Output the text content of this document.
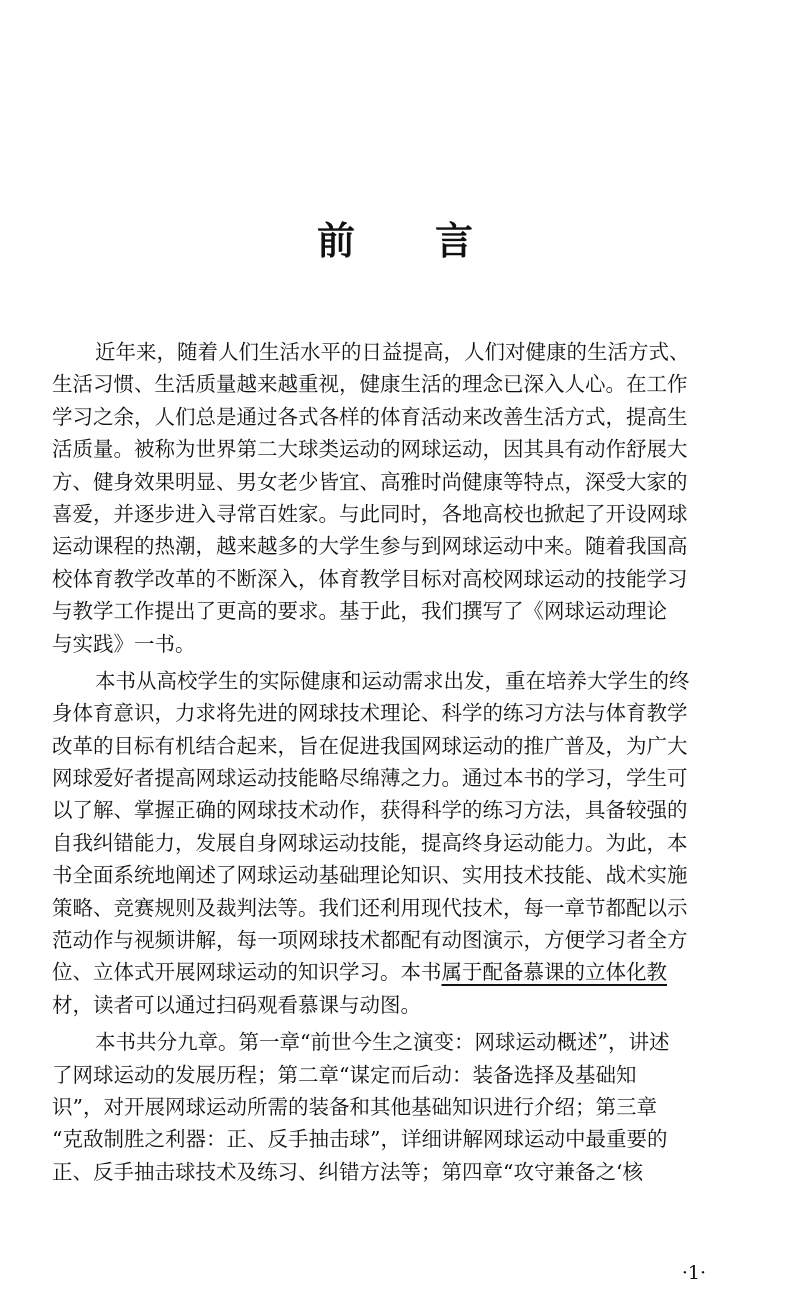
前 言
近年来，随着人们生活水平的日益提高，人们对健康的生活方式、
生活习惯、生活质量越来越重视，健康生活的理念已深入人心。在工作
学习之余，人们总是通过各式各样的体育活动来改善生活方式，提高生
活质量。被称为世界第二大球类运动的网球运动，因其具有动作舒展大
方、健身效果明显、男女老少皆宜、高雅时尚健康等特点，深受大家的
喜爱，并逐步进入寻常百姓家。与此同时，各地高校也掀起了开设网球
运动课程的热潮，越来越多的大学生参与到网球运动中来。随着我国高
校体育教学改革的不断深入，体育教学目标对高校网球运动的技能学习
与教学工作提出了更高的要求。基于此，我们撰写了《网球运动理论
与实践》一书。
本书从高校学生的实际健康和运动需求出发，重在培养大学生的终
身体育意识，力求将先进的网球技术理论、科学的练习方法与体育教学
改革的目标有机结合起来，旨在促进我国网球运动的推广普及，为广大
网球爱好者提高网球运动技能略尽绵薄之力。通过本书的学习，学生可
以了解、掌握正确的网球技术动作，获得科学的练习方法，具备较强的
自我纠错能力，发展自身网球运动技能，提高终身运动能力。为此，本
书全面系统地阐述了网球运动基础理论知识、实用技术技能、战术实施
策略、竞赛规则及裁判法等。我们还利用现代技术，每一章节都配以示
范动作与视频讲解，每一项网球技术都配有动图演示，方便学习者全方
位、立体式开展网球运动的知识学习。本书属于配备慕课的立体化教
材，读者可以通过扫码观看慕课与动图。
本书共分九章。第一章“前世今生之演变：网球运动概述”，讲述
了网球运动的发展历程；第二章“谋定而后动：装备选择及基础知
识”，对开展网球运动所需的装备和其他基础知识进行介绍；第三章
“克敌制胜之利器：正、反手抽击球”，详细讲解网球运动中最重要的
正、反手抽击球技术及练习、纠错方法等；第四章“攻守兼备之‘核
·1·
